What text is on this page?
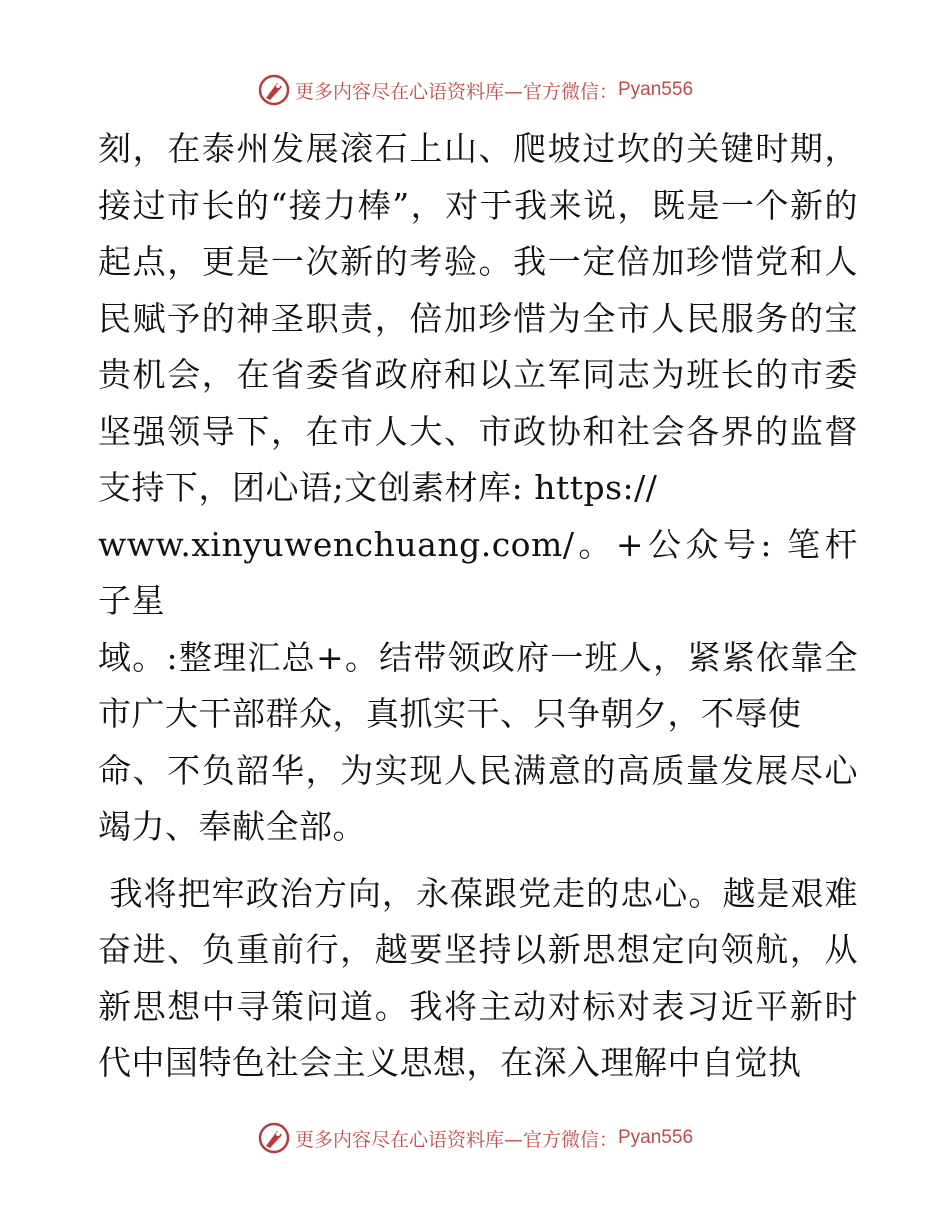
更多内容尽在心语资料库—官方微信： Pyan556

刻，在泰州发展滚石上山、爬坡过坎的关键时期，接过市长的“接力棒”，对于我来说，既是一个新的起点，更是一次新的考验。我一定倍加珍惜党和人民赋予的神圣职责，倍加珍惜为全市人民服务的宝贵机会，在省委省政府和以立军同志为班长的市委坚强领导下，在市人大、市政协和社会各界的监督支持下，团心语;文创素材库: https://
www.xinyuwenchuang.com/。+公众号: 笔杆子星
域。:整理汇总+。结带领政府一班人，紧紧依靠全市广大干部群众，真抓实干、只争朝夕，不辱使
命、不负韶华，为实现人民满意的高质量发展尽心竭力、奉献全部。

我将把牢政治方向，永葆跟党走的忠心。越是艰难奋进、负重前行，越要坚持以新思想定向领航，从新思想中寻策问道。我将主动对标对表习近平新时代中国特色社会主义思想，在深入理解中自觉执

更多内容尽在心语资料库—官方微信： Pyan556
